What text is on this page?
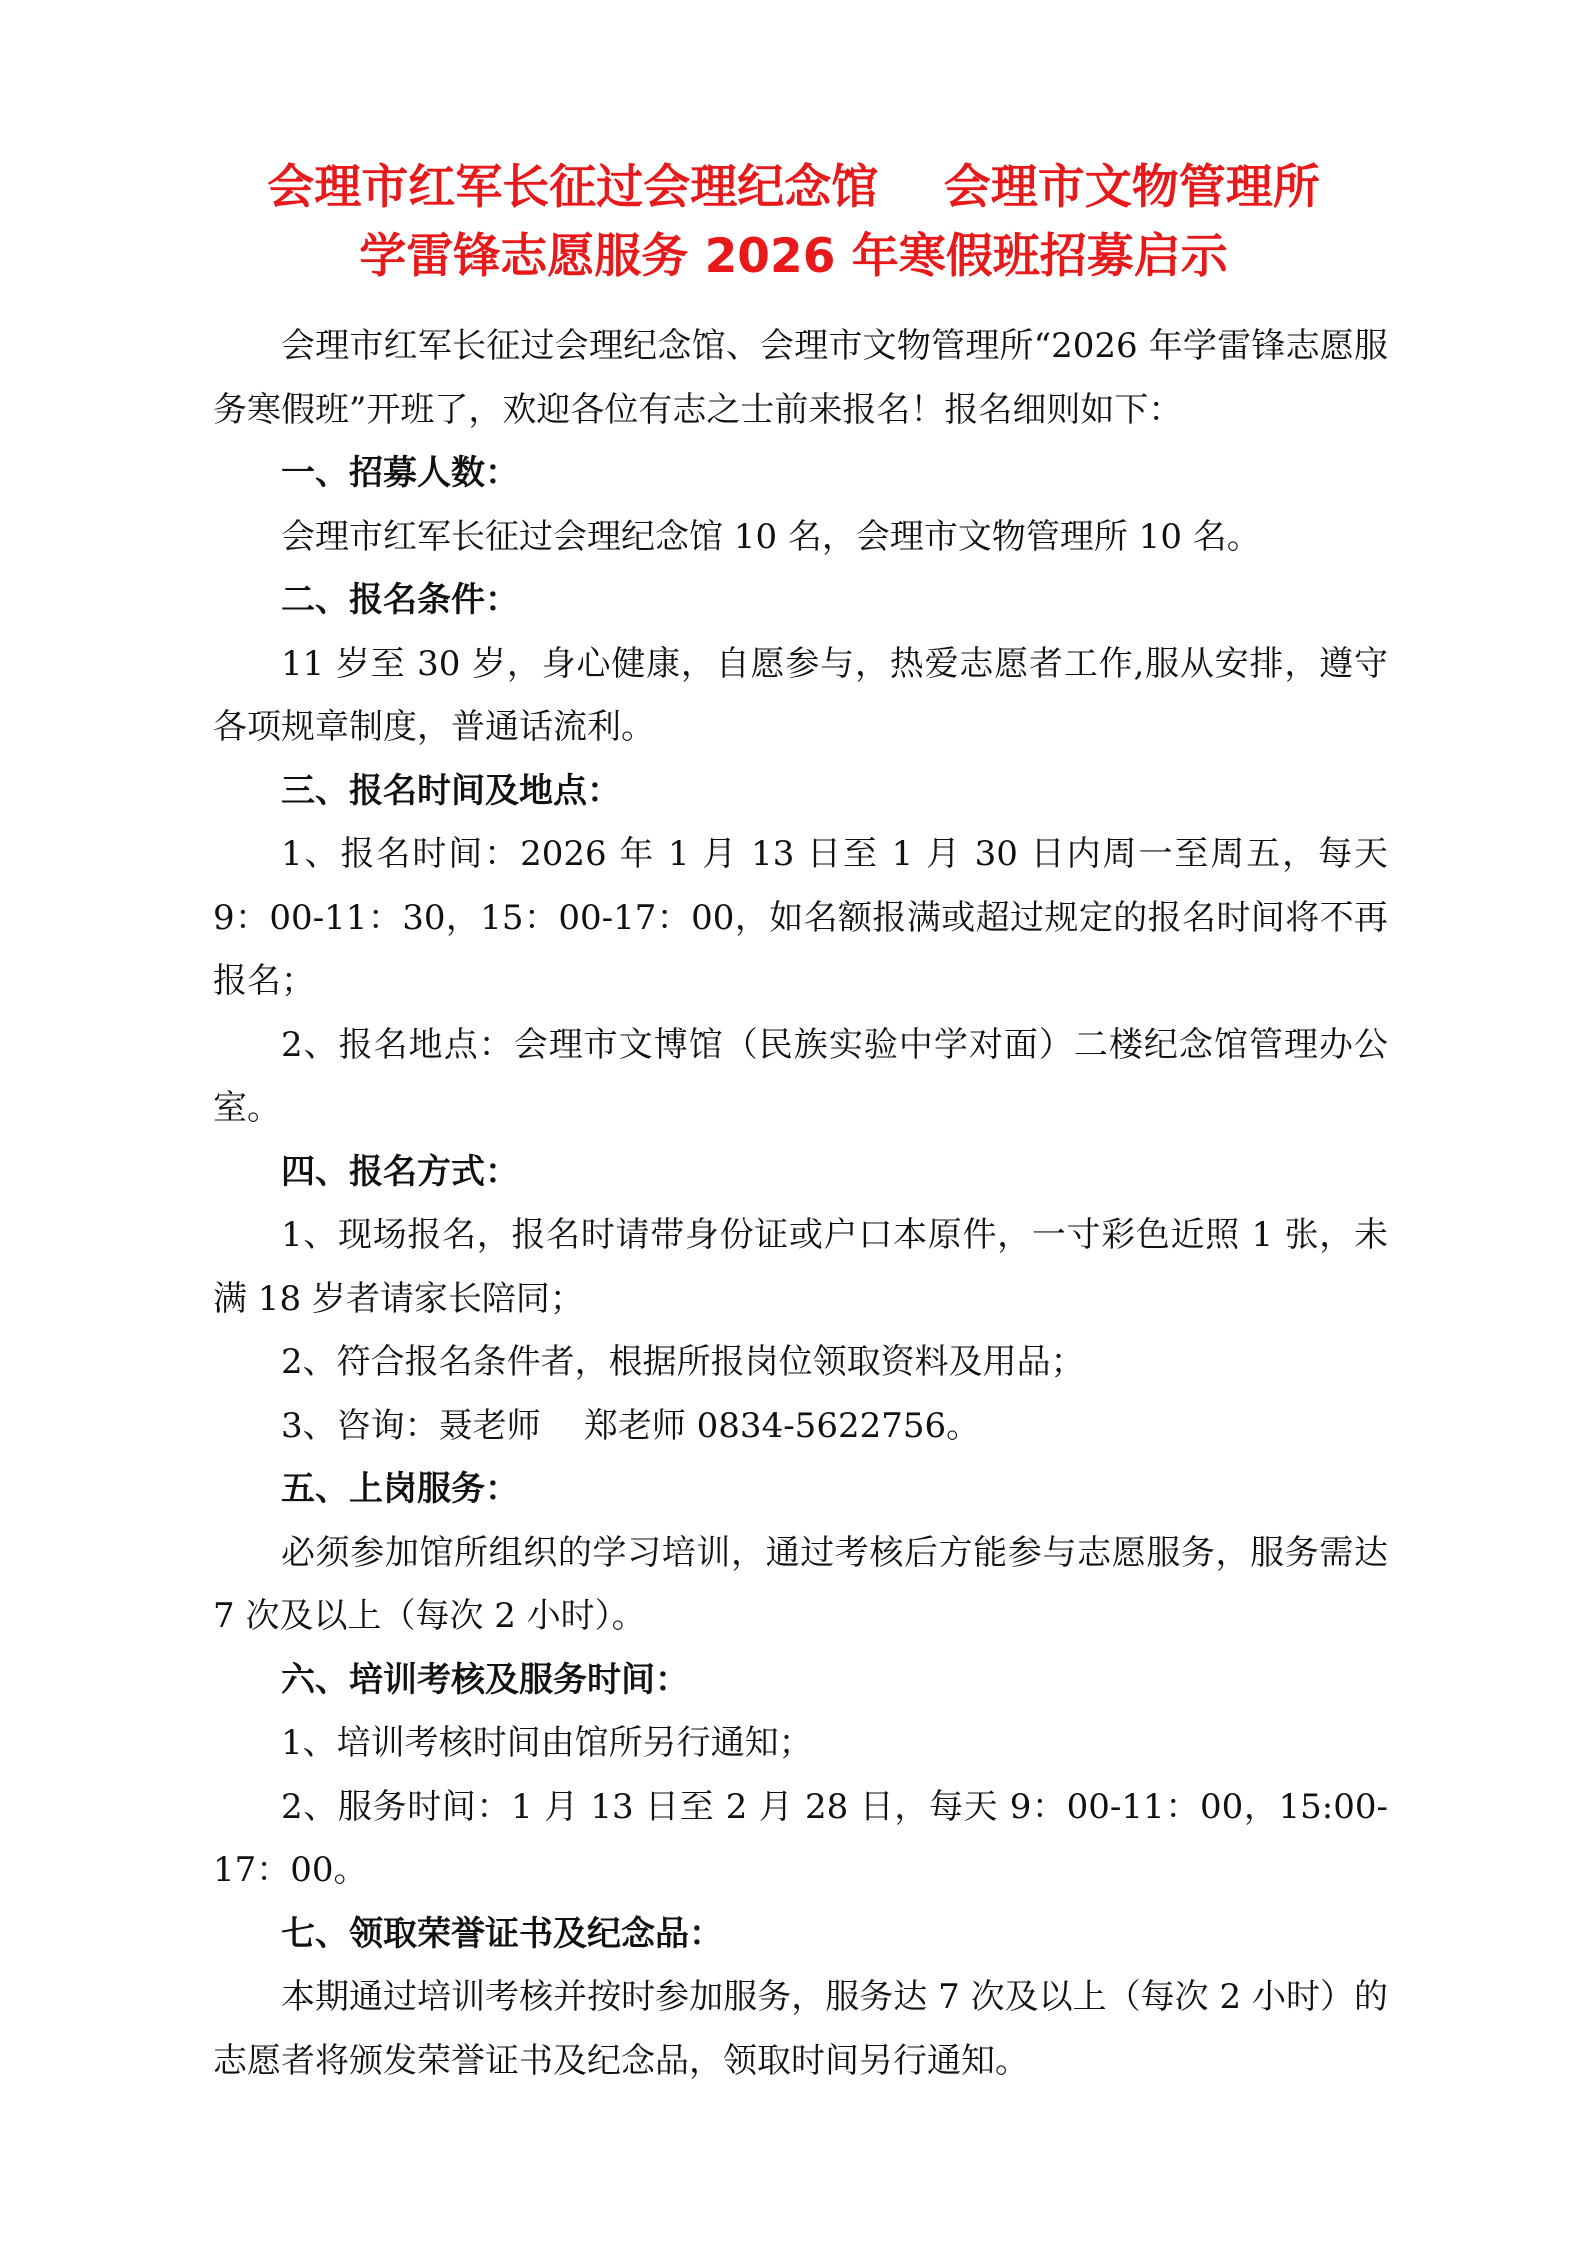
会理市红军长征过会理纪念馆    会理市文物管理所
学雷锋志愿服务 2026 年寒假班招募启示

会理市红军长征过会理纪念馆、会理市文物管理所“2026 年学雷锋志愿服务寒假班”开班了，欢迎各位有志之士前来报名！报名细则如下：

一、招募人数：

会理市红军长征过会理纪念馆 10 名，会理市文物管理所 10 名。

二、报名条件：

11 岁至 30 岁，身心健康，自愿参与，热爱志愿者工作,服从安排，遵守各项规章制度，普通话流利。

三、报名时间及地点：

1、报名时间：2026 年 1 月 13 日至 1 月 30 日内周一至周五，每天 9：00-11：30，15：00-17：00，如名额报满或超过规定的报名时间将不再报名；

2、报名地点：会理市文博馆（民族实验中学对面）二楼纪念馆管理办公室。

四、报名方式：

1、现场报名，报名时请带身份证或户口本原件，一寸彩色近照 1 张，未满 18 岁者请家长陪同；

2、符合报名条件者，根据所报岗位领取资料及用品；

3、咨询：聂老师    郑老师 0834-5622756。

五、上岗服务：

必须参加馆所组织的学习培训，通过考核后方能参与志愿服务，服务需达 7 次及以上（每次 2 小时）。

六、培训考核及服务时间：

1、培训考核时间由馆所另行通知；

2、服务时间：1 月 13 日至 2 月 28 日，每天 9：00-11：00，15:00-17：00。

七、领取荣誉证书及纪念品：

本期通过培训考核并按时参加服务，服务达 7 次及以上（每次 2 小时）的志愿者将颁发荣誉证书及纪念品，领取时间另行通知。
